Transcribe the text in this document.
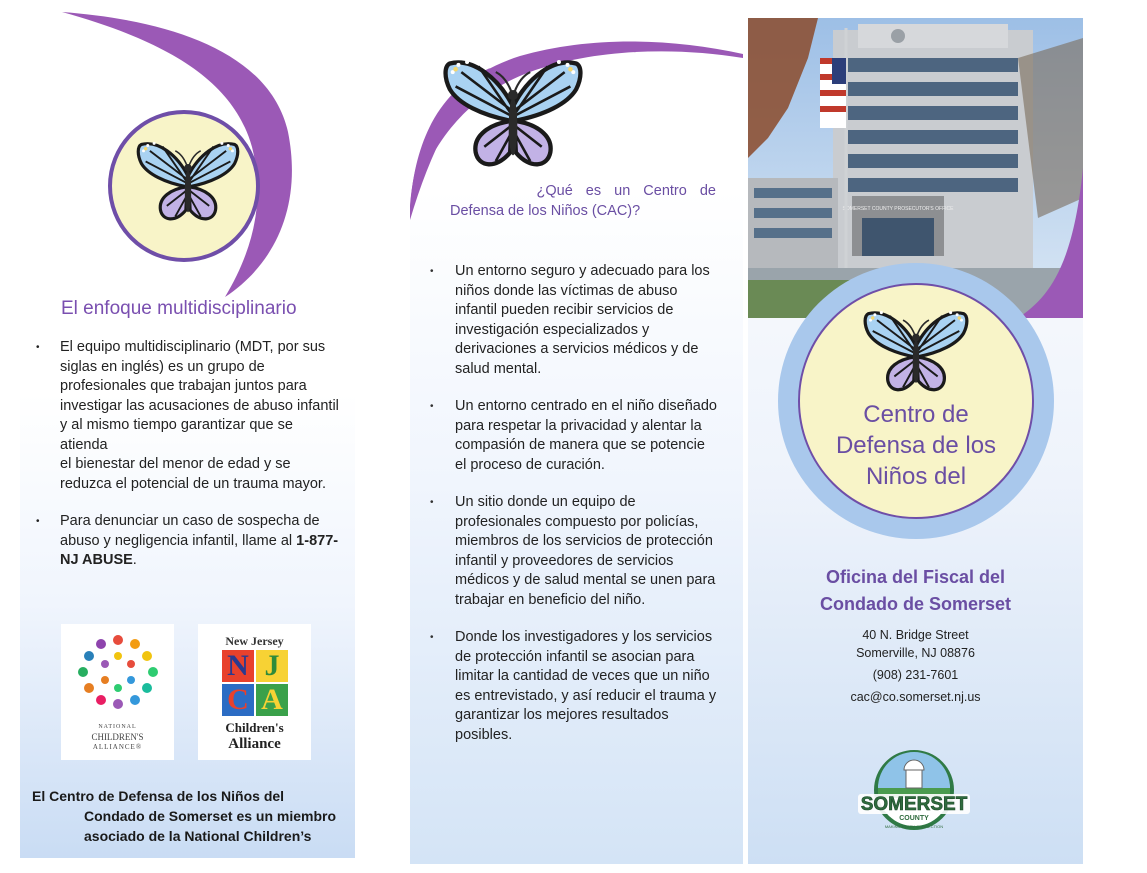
El enfoque multidisciplinario
• El equipo multidisciplinario (MDT, por sus siglas en inglés) es un grupo de profesionales que trabajan juntos para investigar las acusaciones de abuso infantil y al mismo tiempo garantizar que se atienda
el bienestar del menor de edad y se reduzca el potencial de un trauma mayor.
• Para denunciar un caso de sospecha de abuso y negligencia infantil, llame al 1-877-NJ ABUSE.
NATIONAL
CHILDREN'S
ALLIANCE®
New Jersey
N J
C A
Children's
Alliance
El Centro de Defensa de los Niños del
Condado de Somerset es un miembro
asociado de la National Children’s
¿Qué es un Centro de
Defensa de los Niños (CAC)?
• Un entorno seguro y adecuado para los niños donde las víctimas de abuso infantil pueden recibir servicios de investigación especializados y derivaciones a servicios médicos y de salud mental.
• Un entorno centrado en el niño diseñado para respetar la privacidad y alentar la compasión de manera que se potencie el proceso de curación.
• Un sitio donde un equipo de profesionales compuesto por policías, miembros de los servicios de protección infantil y proveedores de servicios médicos y de salud mental se unen para trabajar en beneficio del niño.
• Donde los investigadores y los servicios de protección infantil se asocian para limitar la cantidad de veces que un niño es entrevistado, y así reducir el trauma y garantizar los mejores resultados posibles.
SOMERSET COUNTY PROSECUTOR'S OFFICE
Centro de
Defensa de los
Niños del
Oficina del Fiscal del
Condado de Somerset
40 N. Bridge Street
Somerville, NJ 08876
(908) 231-7601
cac@co.somerset.nj.us
SOMERSET
COUNTY
MAKING EVERY CONNECTION
